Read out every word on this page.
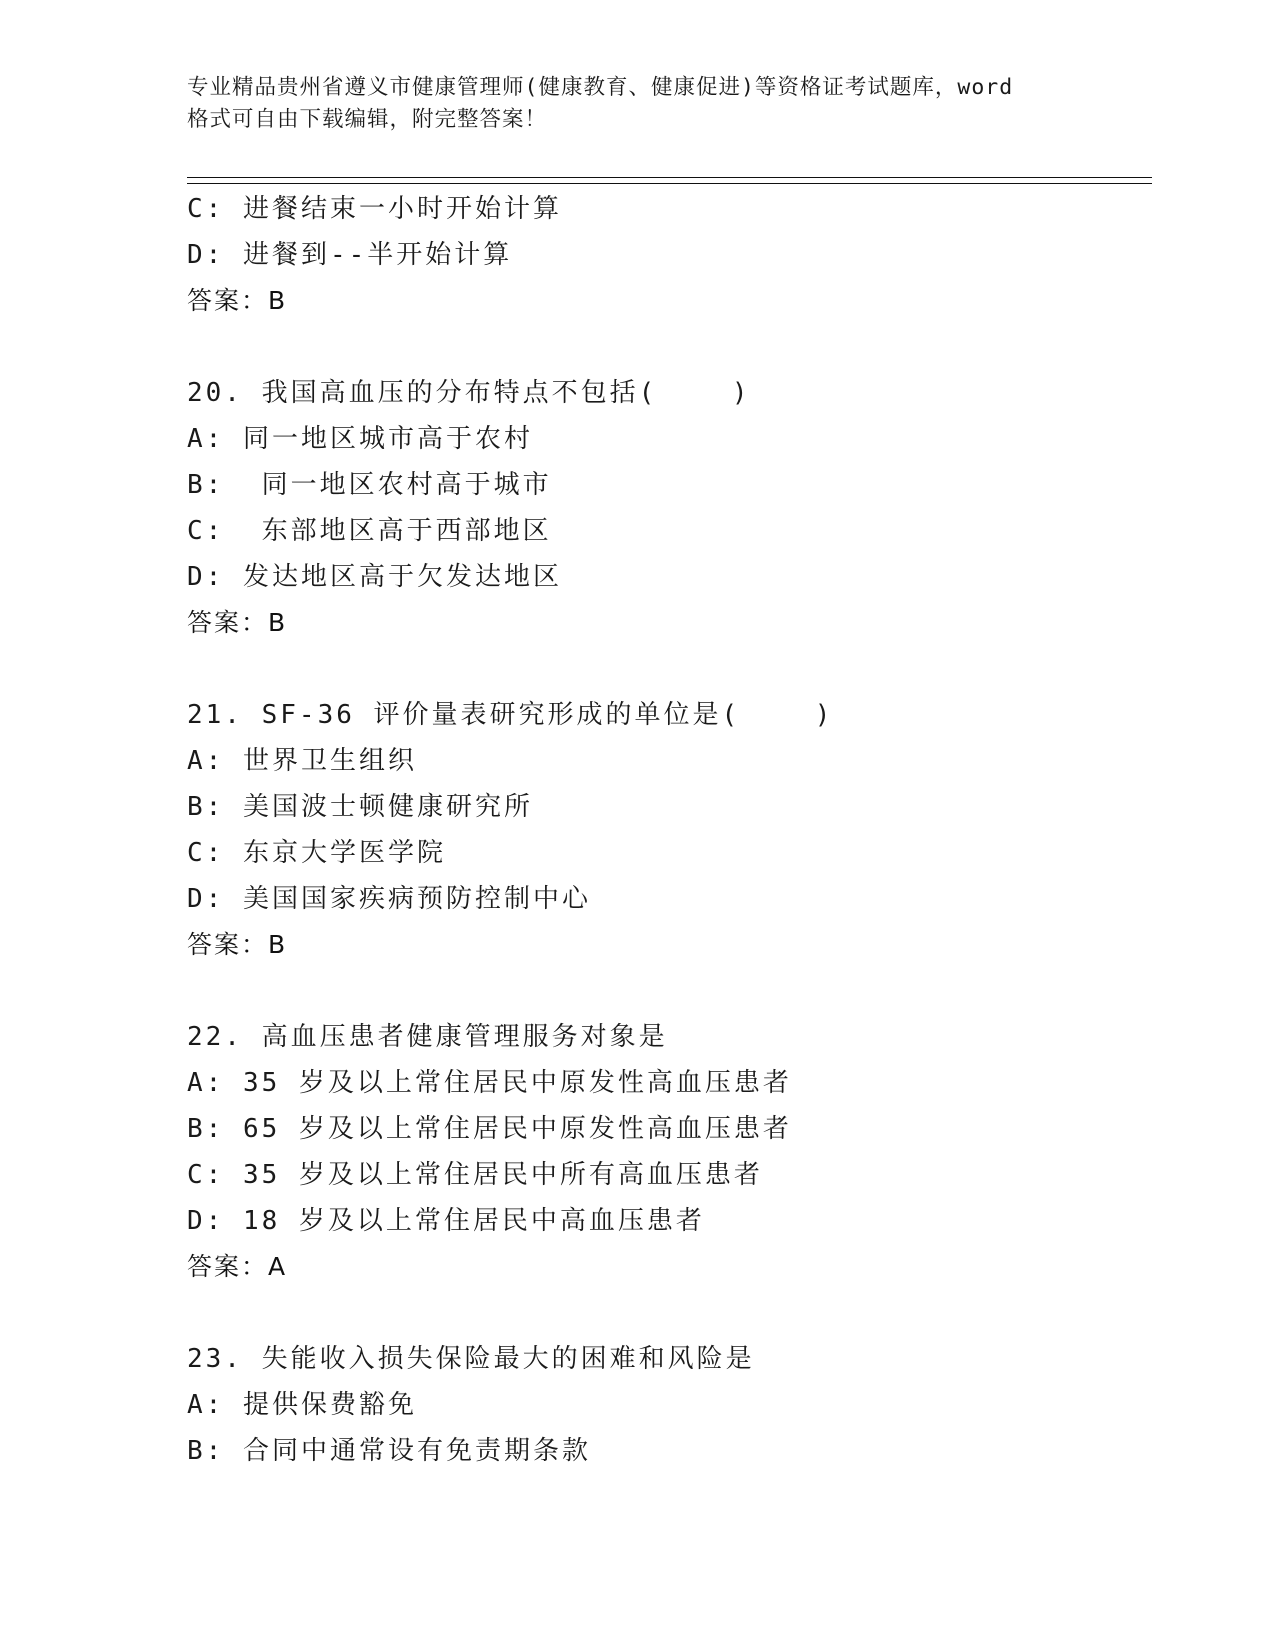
专业精品贵州省遵义市健康管理师(健康教育、健康促进)等资格证考试题库，word
格式可自由下载编辑，附完整答案！
C: 进餐结束一小时开始计算
D: 进餐到--半开始计算
答案：B
20. 我国高血压的分布特点不包括(    )
A: 同一地区城市高于农村
B:  同一地区农村高于城市
C:  东部地区高于西部地区
D: 发达地区高于欠发达地区
答案：B
21. SF-36 评价量表研究形成的单位是(    )
A: 世界卫生组织
B: 美国波士顿健康研究所
C: 东京大学医学院
D: 美国国家疾病预防控制中心
答案：B
22. 高血压患者健康管理服务对象是
A: 35 岁及以上常住居民中原发性高血压患者
B: 65 岁及以上常住居民中原发性高血压患者
C: 35 岁及以上常住居民中所有高血压患者
D: 18 岁及以上常住居民中高血压患者
答案：A
23. 失能收入损失保险最大的困难和风险是
A: 提供保费豁免
B: 合同中通常设有免责期条款
